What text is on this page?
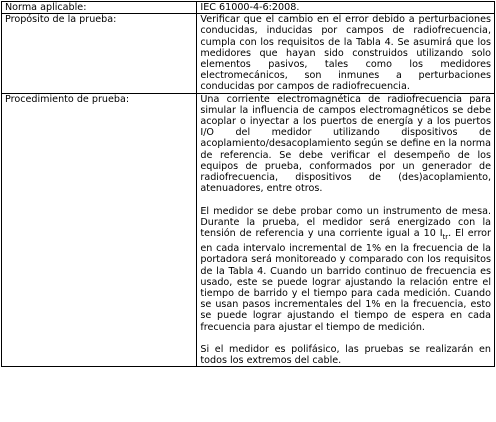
Norma aplicable:	IEC 61000-4-6:2008.
Propósito de la prueba:	Verificar que el cambio en el error debido a perturbaciones conducidas, inducidas por campos de radiofrecuencia, cumpla con los requisitos de la Tabla 4. Se asumirá que los medidores que hayan sido construidos utilizando solo elementos pasivos, tales como los medidores electromecánicos, son inmunes a perturbaciones conducidas por campos de radiofrecuencia.
Procedimiento de prueba:	Una corriente electromagnética de radiofrecuencia para simular la influencia de campos electromagnéticos se debe acoplar o inyectar a los puertos de energía y a los puertos I/O del medidor utilizando dispositivos de acoplamiento/desacoplamiento según se define en la norma de referencia. Se debe verificar el desempeño de los equipos de prueba, conformados por un generador de radiofrecuencia, dispositivos de (des)acoplamiento, atenuadores, entre otros.

El medidor se debe probar como un instrumento de mesa. Durante la prueba, el medidor será energizado con la tensión de referencia y una corriente igual a 10 $I_{tr}$. El error en cada intervalo incremental de 1% en la frecuencia de la portadora será monitoreado y comparado con los requisitos de la Tabla 4. Cuando un barrido continuo de frecuencia es usado, este se puede lograr ajustando la relación entre el tiempo de barrido y el tiempo para cada medición. Cuando se usan pasos incrementales del 1% en la frecuencia, esto se puede lograr ajustando el tiempo de espera en cada frecuencia para ajustar el tiempo de medición.

Si el medidor es polifásico, las pruebas se realizarán en todos los extremos del cable.
